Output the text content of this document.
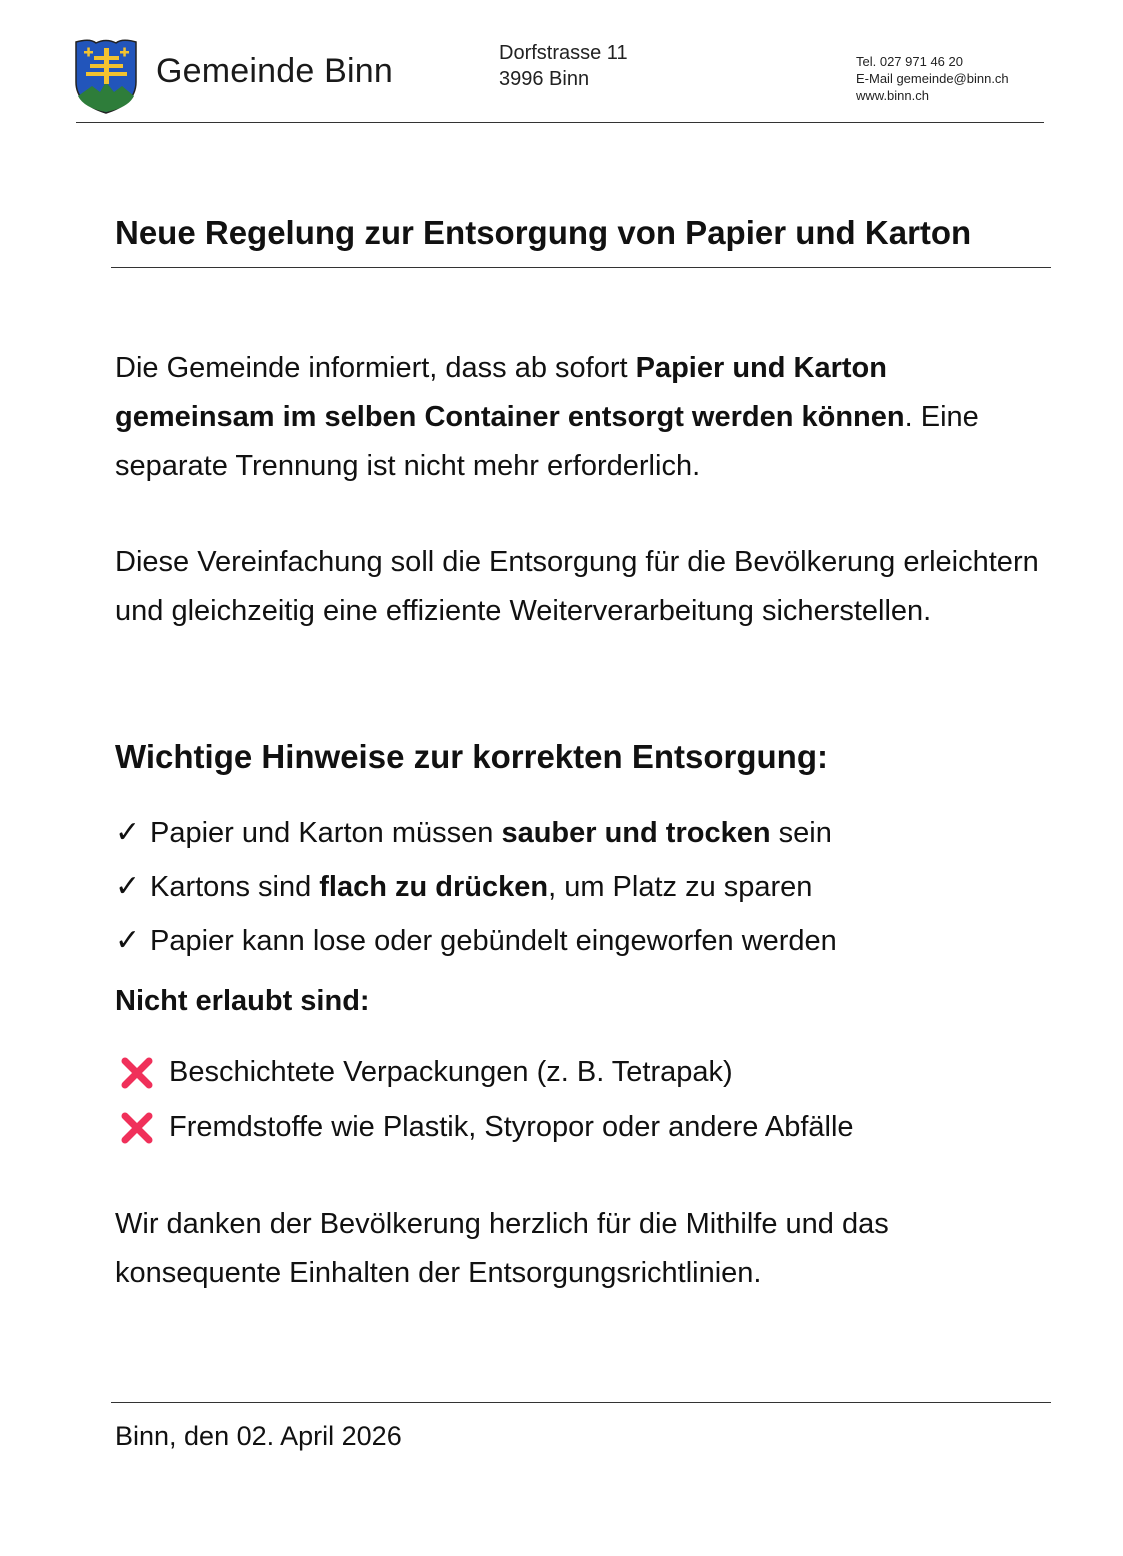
Gemeinde Binn	Dorfstrasse 11
3996 Binn
Tel. 027 971 46 20
E-Mail gemeinde@binn.ch
www.binn.ch
Neue Regelung zur Entsorgung von Papier und Karton
Die Gemeinde informiert, dass ab sofort Papier und Karton gemeinsam im selben Container entsorgt werden können. Eine separate Trennung ist nicht mehr erforderlich.
Diese Vereinfachung soll die Entsorgung für die Bevölkerung erleichtern und gleichzeitig eine effiziente Weiterverarbeitung sicherstellen.
Wichtige Hinweise zur korrekten Entsorgung:
✓ Papier und Karton müssen sauber und trocken sein
✓ Kartons sind flach zu drücken, um Platz zu sparen
✓ Papier kann lose oder gebündelt eingeworfen werden
Nicht erlaubt sind:
Beschichtete Verpackungen (z. B. Tetrapak)
Fremdstoffe wie Plastik, Styropor oder andere Abfälle
Wir danken der Bevölkerung herzlich für die Mithilfe und das konsequente Einhalten der Entsorgungsrichtlinien.
Binn, den 02. April 2026
